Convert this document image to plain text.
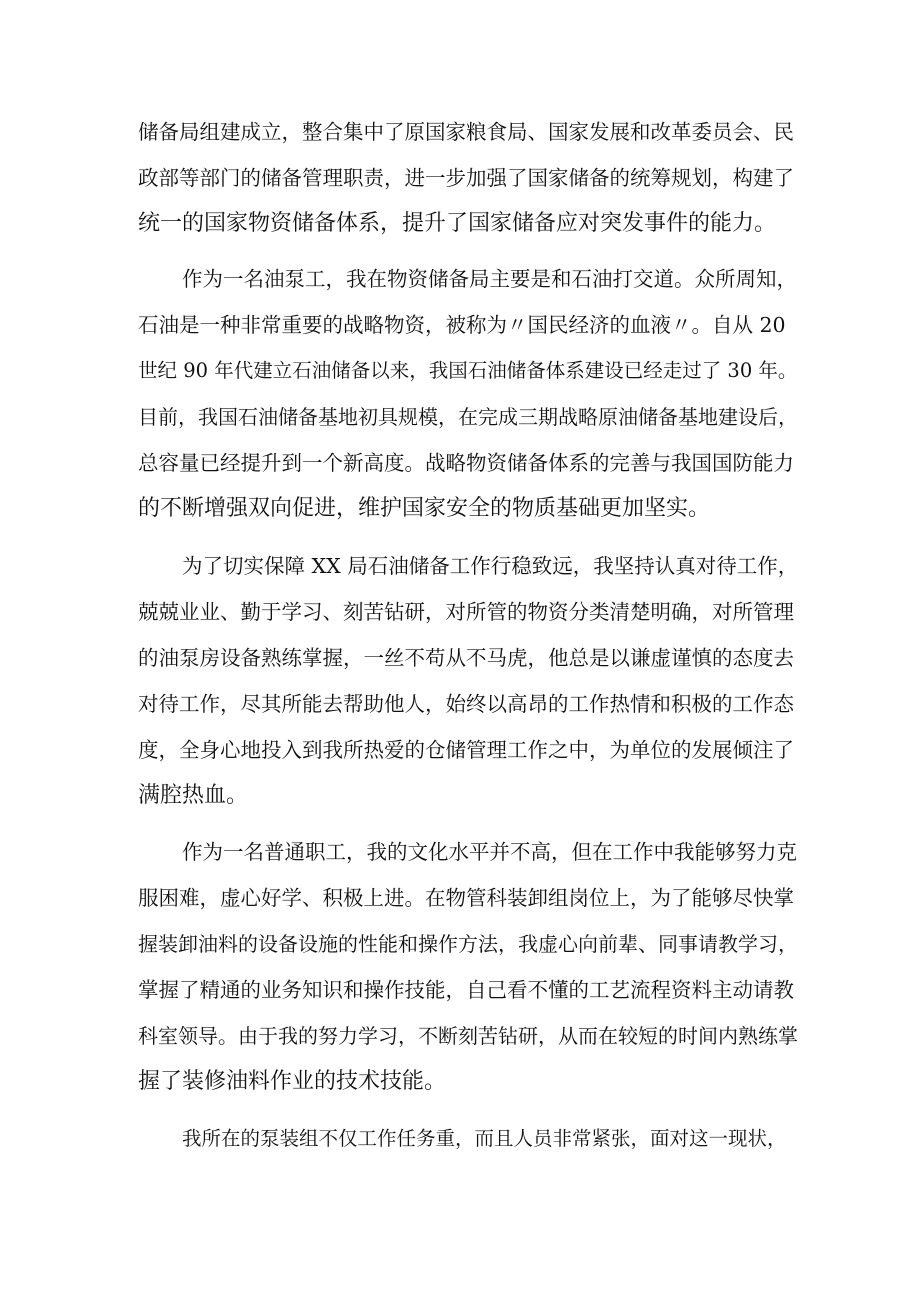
储备局组建成立，整合集中了原国家粮食局、国家发展和改革委员会、民
政部等部门的储备管理职责，进一步加强了国家储备的统筹规划，构建了
统一的国家物资储备体系，提升了国家储备应对突发事件的能力。
作为一名油泵工，我在物资储备局主要是和石油打交道。众所周知，
石油是一种非常重要的战略物资，被称为〃国民经济的血液〃。自从 20
世纪 90 年代建立石油储备以来，我国石油储备体系建设已经走过了 30 年。
目前，我国石油储备基地初具规模，在完成三期战略原油储备基地建设后，
总容量已经提升到一个新高度。战略物资储备体系的完善与我国国防能力
的不断增强双向促进，维护国家安全的物质基础更加坚实。
为了切实保障 XX 局石油储备工作行稳致远，我坚持认真对待工作，
兢兢业业、勤于学习、刻苦钻研，对所管的物资分类清楚明确，对所管理
的油泵房设备熟练掌握，一丝不苟从不马虎，他总是以谦虚谨慎的态度去
对待工作，尽其所能去帮助他人，始终以高昂的工作热情和积极的工作态
度，全身心地投入到我所热爱的仓储管理工作之中，为单位的发展倾注了
满腔热血。
作为一名普通职工，我的文化水平并不高，但在工作中我能够努力克
服困难，虚心好学、积极上进。在物管科装卸组岗位上，为了能够尽快掌
握装卸油料的设备设施的性能和操作方法，我虚心向前辈、同事请教学习，
掌握了精通的业务知识和操作技能，自己看不懂的工艺流程资料主动请教
科室领导。由于我的努力学习，不断刻苦钻研，从而在较短的时间内熟练掌
握了装修油料作业的技术技能。
我所在的泵装组不仅工作任务重，而且人员非常紧张，面对这一现状，
